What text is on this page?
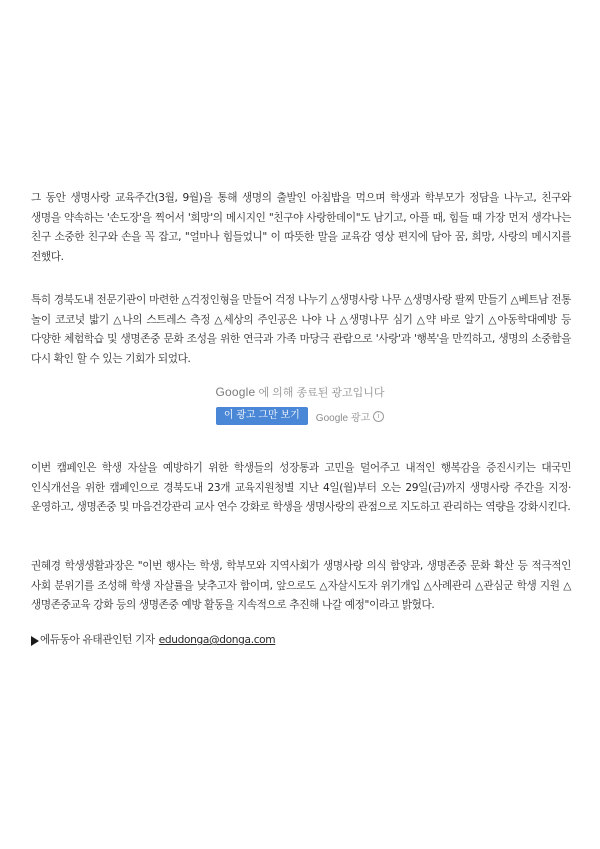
그 동안 생명사랑 교육주간(3월, 9월)을 통해 생명의 출발인 아침밥을 먹으며 학생과 학부모가 정담을 나누고, 친구와 생명을 약속하는 '손도장'을 찍어서 '희망'의 메시지인 "친구야 사랑한데이"도 남기고, 아플 때, 힘들 때 가장 먼저 생각나는 친구 소중한 친구와 손을 꼭 잡고, "얼마나 힘들었니" 이 따뜻한 말을 교육감 영상 편지에 담아 꿈, 희망, 사랑의 메시지를 전했다.

특히 경북도내 전문기관이 마련한 △걱정인형을 만들어 걱정 나누기 △생명사랑 나무 △생명사랑 팔찌 만들기 △베트남 전통 놀이 코코넛 밟기 △나의 스트레스 측정 △세상의 주인공은 나야 나 △생명나무 심기 △약 바로 알기 △아동학대예방 등 다양한 체험학습 및 생명존중 문화 조성을 위한 연극과 가족 마당극 관람으로 '사랑'과 '행복'을 만끽하고, 생명의 소중함을 다시 확인 할 수 있는 기회가 되었다.

Google 에 의해 종료된 광고입니다
이 광고 그만 보기	Google 광고	i

이번 캠페인은 학생 자살을 예방하기 위한 학생들의 성장통과 고민을 덜어주고 내적인 행복감을 증진시키는 대국민 인식개선을 위한 캠페인으로 경북도내 23개 교육지원청별 지난 4일(월)부터 오는 29일(금)까지 생명사랑 주간을 지정·운영하고, 생명존중 및 마음건강관리 교사 연수 강화로 학생을 생명사랑의 관점으로 지도하고 관리하는 역량을 강화시킨다.

권혜경 학생생활과장은 "이번 행사는 학생, 학부모와 지역사회가 생명사랑 의식 함양과, 생명존중 문화 확산 등 적극적인 사회 분위기를 조성해 학생 자살률을 낮추고자 함이며, 앞으로도 △자살시도자 위기개입 △사례관리 △관심군 학생 지원 △생명존중교육 강화 등의 생명존중 예방 활동을 지속적으로 추진해 나갈 예정"이라고 밝혔다.

에듀동아 유태관인턴 기자 edudonga@donga.com
